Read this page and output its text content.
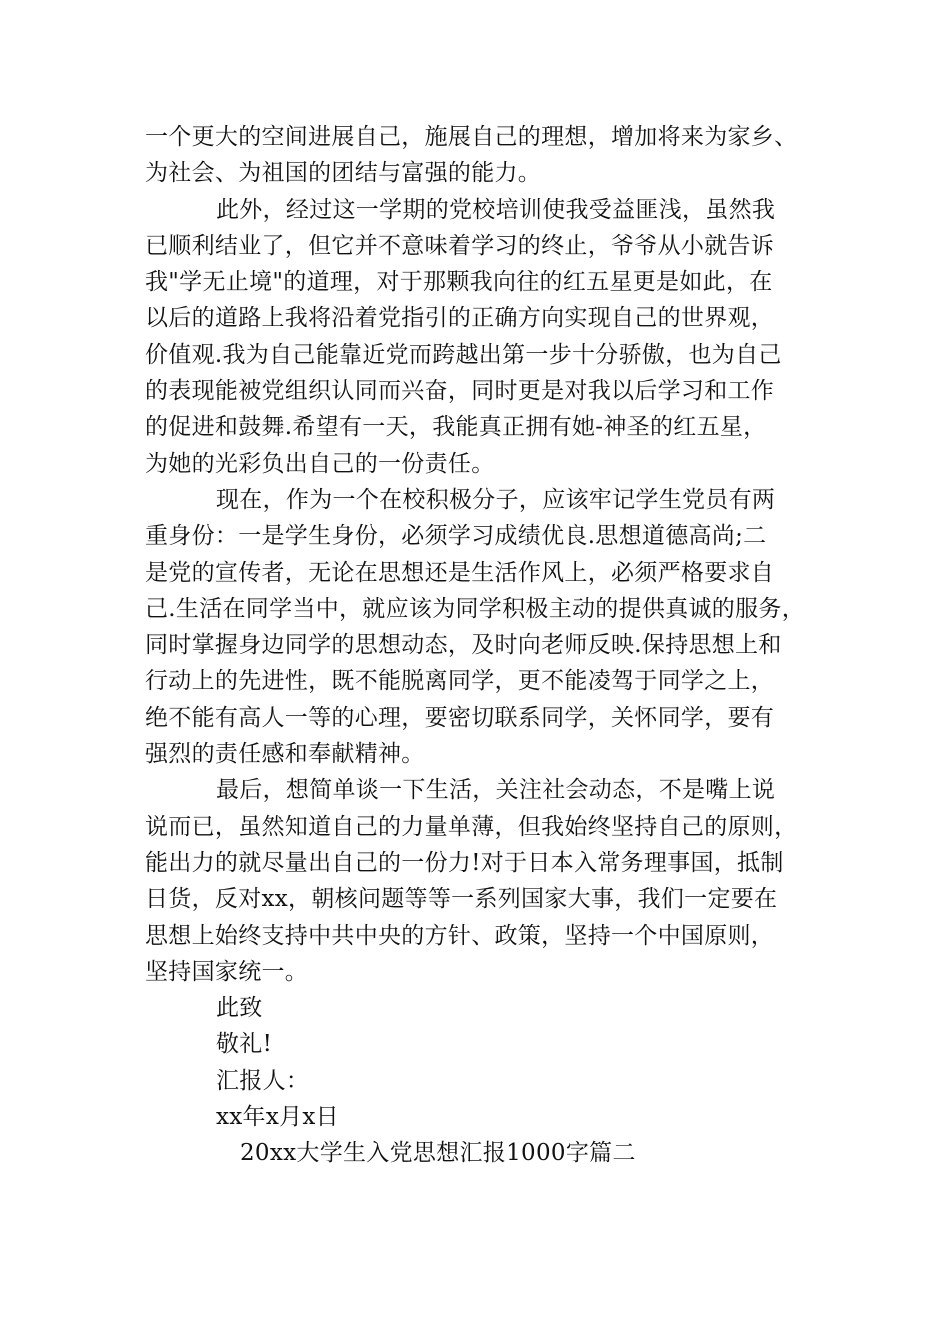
一个更大的空间进展自己，施展自己的理想，增加将来为家乡、
为社会、为祖国的团结与富强的能力。
此外，经过这一学期的党校培训使我受益匪浅，虽然我
已顺利结业了，但它并不意味着学习的终止，爷爷从小就告诉
我"学无止境"的道理，对于那颗我向往的红五星更是如此，在
以后的道路上我将沿着党指引的正确方向实现自己的世界观，
价值观.我为自己能靠近党而跨越出第一步十分骄傲，也为自己
的表现能被党组织认同而兴奋，同时更是对我以后学习和工作
的促进和鼓舞.希望有一天，我能真正拥有她-神圣的红五星，
为她的光彩负出自己的一份责任。
现在，作为一个在校积极分子，应该牢记学生党员有两
重身份：一是学生身份，必须学习成绩优良.思想道德高尚;二
是党的宣传者，无论在思想还是生活作风上，必须严格要求自
己.生活在同学当中，就应该为同学积极主动的提供真诚的服务，
同时掌握身边同学的思想动态，及时向老师反映.保持思想上和
行动上的先进性，既不能脱离同学，更不能凌驾于同学之上，
绝不能有高人一等的心理，要密切联系同学，关怀同学，要有
强烈的责任感和奉献精神。
最后，想简单谈一下生活，关注社会动态，不是嘴上说
说而已，虽然知道自己的力量单薄，但我始终坚持自己的原则，
能出力的就尽量出自己的一份力!对于日本入常务理事国，抵制
日货，反对xx，朝核问题等等一系列国家大事，我们一定要在
思想上始终支持中共中央的方针、政策，坚持一个中国原则，
坚持国家统一。
此致
敬礼!
汇报人：
xx年x月x日
20xx大学生入党思想汇报1000字篇二
